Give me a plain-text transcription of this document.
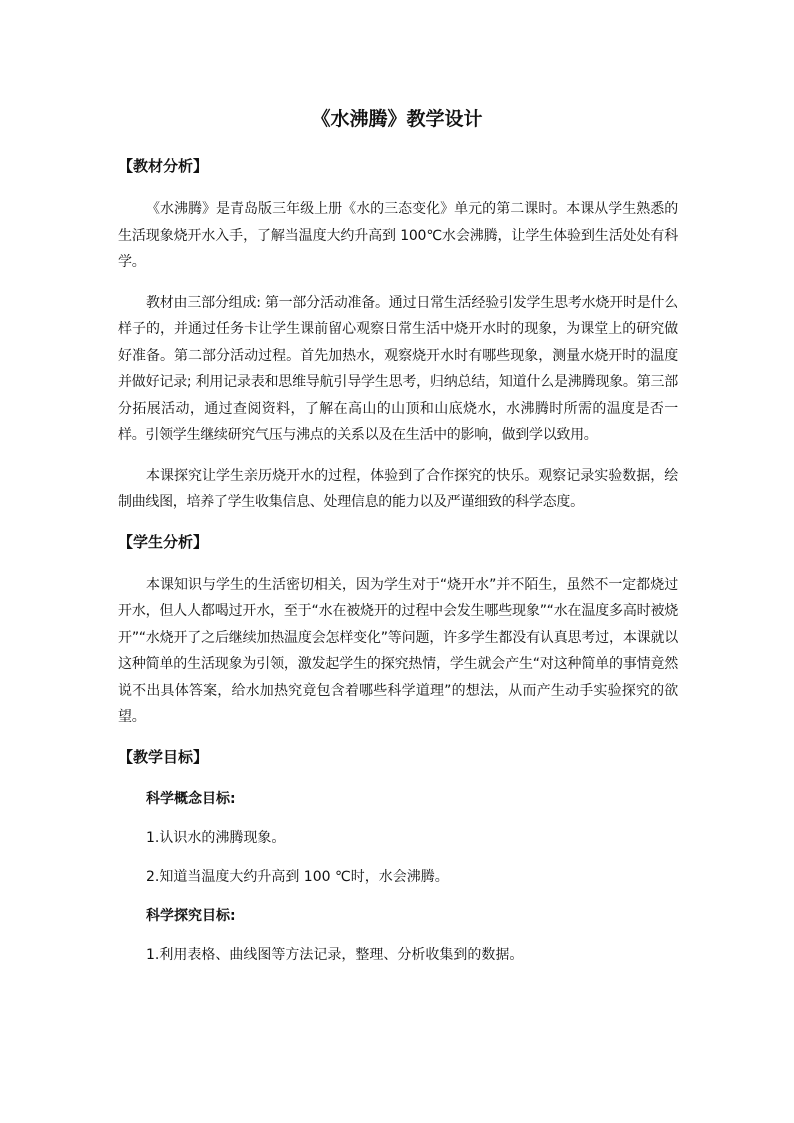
《水沸腾》教学设计

【教材分析】

《水沸腾》是青岛版三年级上册《水的三态变化》单元的第二课时。本课从学生熟悉的生活现象烧开水入手，了解当温度大约升高到 100℃水会沸腾，让学生体验到生活处处有科学。

教材由三部分组成: 第一部分活动准备。通过日常生活经验引发学生思考水烧开时是什么样子的，并通过任务卡让学生课前留心观察日常生活中烧开水时的现象，为课堂上的研究做好准备。第二部分活动过程。首先加热水，观察烧开水时有哪些现象，测量水烧开时的温度并做好记录; 利用记录表和思维导航引导学生思考，归纳总结，知道什么是沸腾现象。第三部分拓展活动，通过查阅资料，了解在高山的山顶和山底烧水，水沸腾时所需的温度是否一样。引领学生继续研究气压与沸点的关系以及在生活中的影响，做到学以致用。

本课探究让学生亲历烧开水的过程，体验到了合作探究的快乐。观察记录实验数据，绘制曲线图，培养了学生收集信息、处理信息的能力以及严谨细致的科学态度。

【学生分析】

本课知识与学生的生活密切相关，因为学生对于“烧开水”并不陌生，虽然不一定都烧过开水，但人人都喝过开水，至于“水在被烧开的过程中会发生哪些现象”“水在温度多高时被烧开”“水烧开了之后继续加热温度会怎样变化”等问题，许多学生都没有认真思考过，本课就以这种简单的生活现象为引领，激发起学生的探究热情，学生就会产生“对这种简单的事情竟然说不出具体答案，给水加热究竟包含着哪些科学道理”的想法，从而产生动手实验探究的欲望。

【教学目标】

科学概念目标:

1.认识水的沸腾现象。

2.知道当温度大约升高到 100 ℃时，水会沸腾。

科学探究目标:

1.利用表格、曲线图等方法记录，整理、分析收集到的数据。
